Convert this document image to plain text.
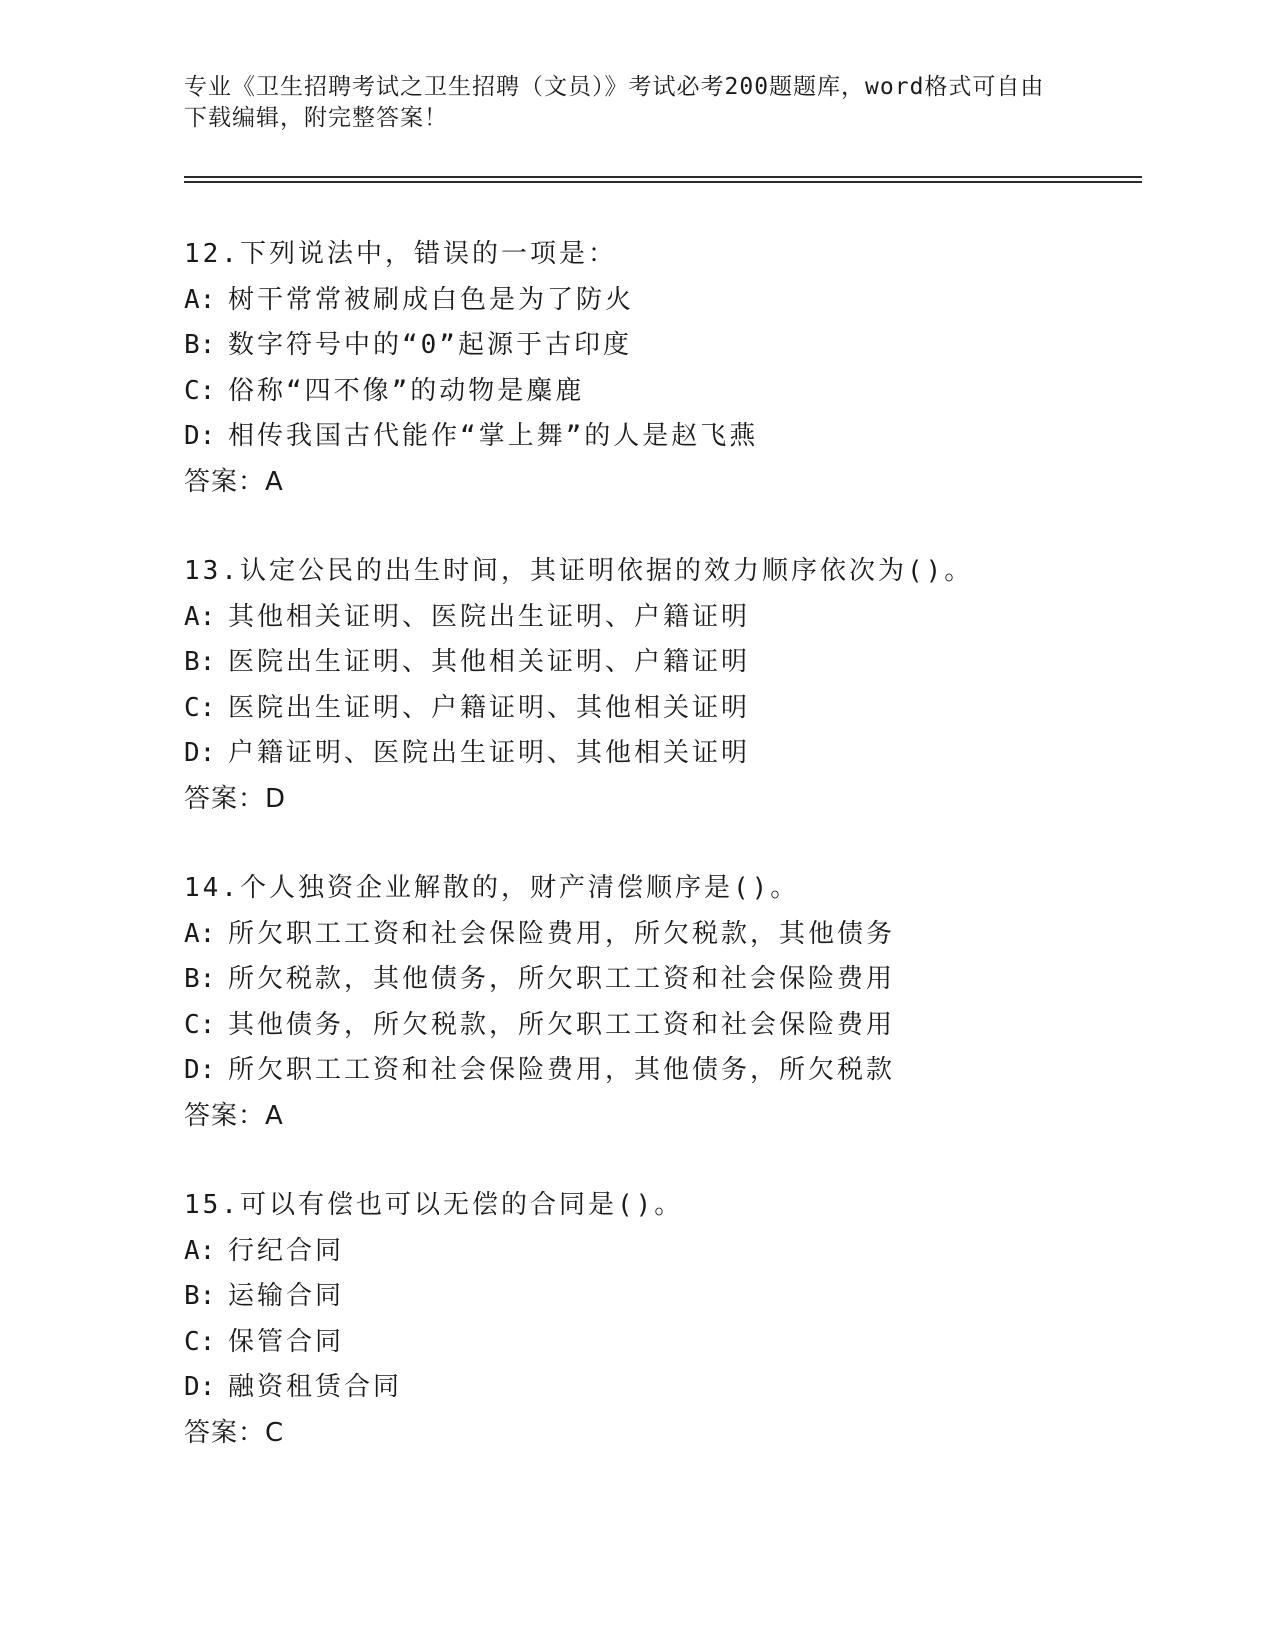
专业《卫生招聘考试之卫生招聘（文员）》考试必考200题题库，word格式可自由下载编辑，附完整答案！
12.下列说法中，错误的一项是：
A: 树干常常被刷成白色是为了防火
B: 数字符号中的“0”起源于古印度
C: 俗称“四不像”的动物是麋鹿
D: 相传我国古代能作“掌上舞”的人是赵飞燕
答案：A
13.认定公民的出生时间，其证明依据的效力顺序依次为()。
A: 其他相关证明、医院出生证明、户籍证明
B: 医院出生证明、其他相关证明、户籍证明
C: 医院出生证明、户籍证明、其他相关证明
D: 户籍证明、医院出生证明、其他相关证明
答案：D
14.个人独资企业解散的，财产清偿顺序是()。
A: 所欠职工工资和社会保险费用，所欠税款，其他债务
B: 所欠税款，其他债务，所欠职工工资和社会保险费用
C: 其他债务，所欠税款，所欠职工工资和社会保险费用
D: 所欠职工工资和社会保险费用，其他债务，所欠税款
答案：A
15.可以有偿也可以无偿的合同是()。
A: 行纪合同
B: 运输合同
C: 保管合同
D: 融资租赁合同
答案：C
